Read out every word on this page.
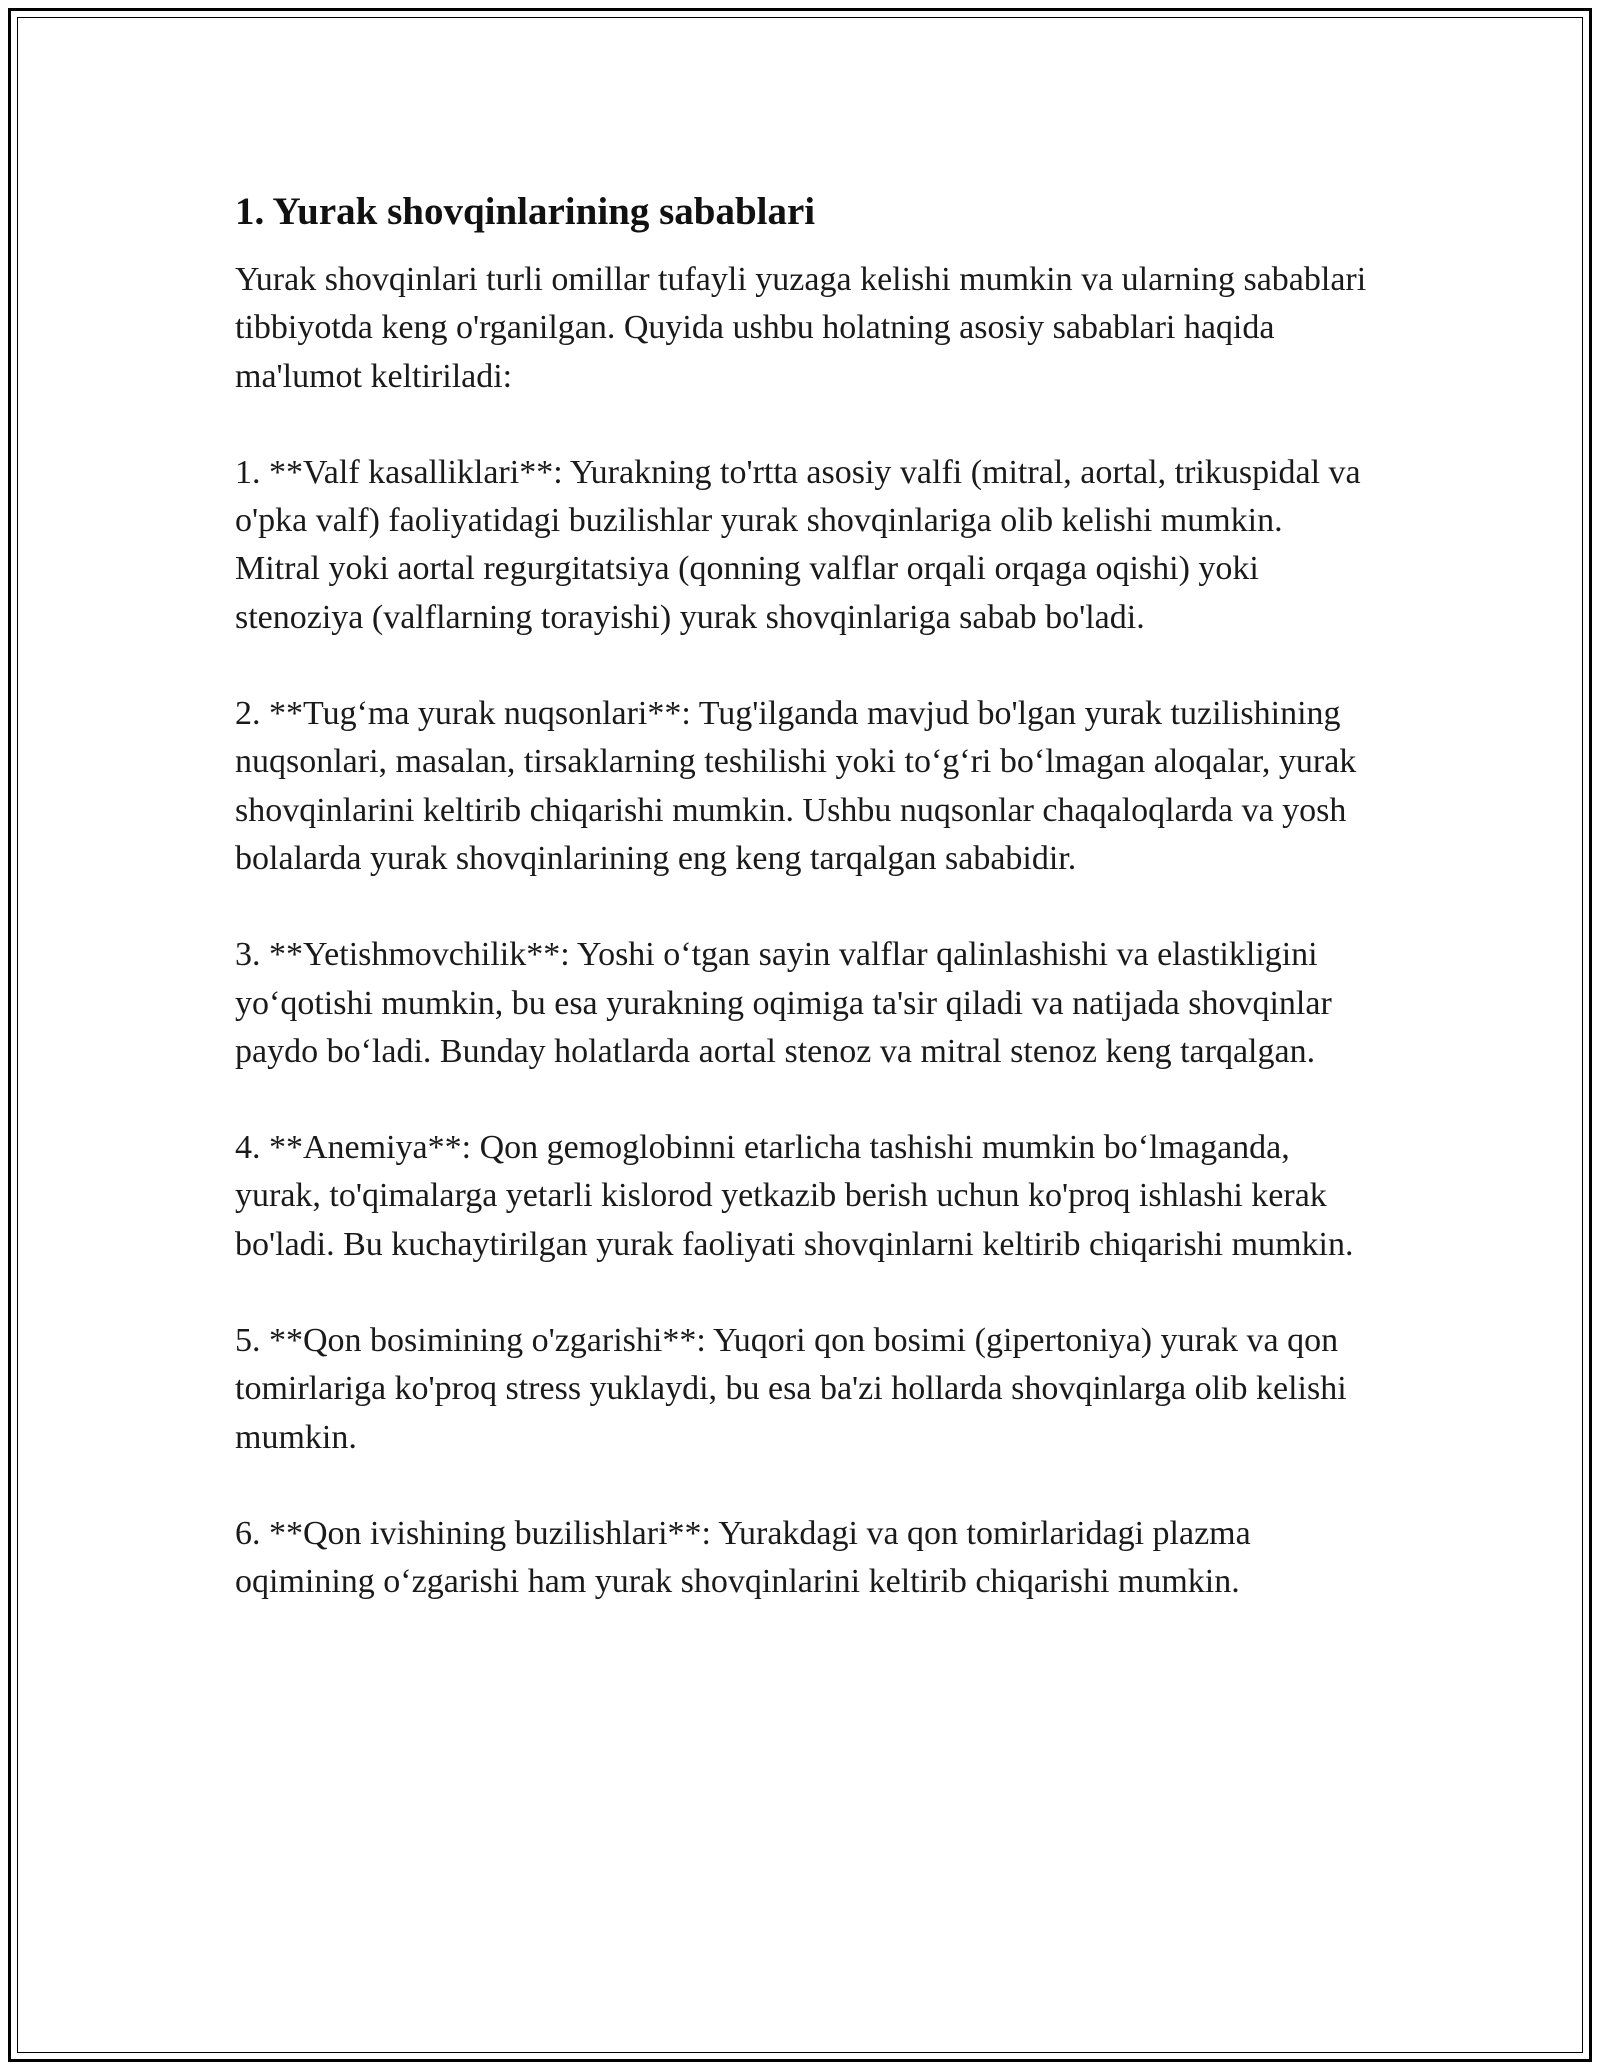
1. Yurak shovqinlarining sabablari

Yurak shovqinlari turli omillar tufayli yuzaga kelishi mumkin va ularning sabablari tibbiyotda keng o'rganilgan. Quyida ushbu holatning asosiy sabablari haqida ma'lumot keltiriladi:

1. **Valf kasalliklari**: Yurakning to'rtta asosiy valfi (mitral, aortal, trikuspidal va o'pka valf) faoliyatidagi buzilishlar yurak shovqinlariga olib kelishi mumkin. Mitral yoki aortal regurgitatsiya (qonning valflar orqali orqaga oqishi) yoki stenoziya (valflarning torayishi) yurak shovqinlariga sabab bo'ladi.

2. **Tug‘ma yurak nuqsonlari**: Tug'ilganda mavjud bo'lgan yurak tuzilishining nuqsonlari, masalan, tirsaklarning teshilishi yoki to‘g‘ri bo‘lmagan aloqalar, yurak shovqinlarini keltirib chiqarishi mumkin. Ushbu nuqsonlar chaqaloqlarda va yosh bolalarda yurak shovqinlarining eng keng tarqalgan sababidir.

3. **Yetishmovchilik**: Yoshi o‘tgan sayin valflar qalinlashishi va elastikligini yo‘qotishi mumkin, bu esa yurakning oqimiga ta'sir qiladi va natijada shovqinlar paydo bo‘ladi. Bunday holatlarda aortal stenoz va mitral stenoz keng tarqalgan.

4. **Anemiya**: Qon gemoglobinni etarlicha tashishi mumkin bo‘lmaganda, yurak, to'qimalarga yetarli kislorod yetkazib berish uchun ko'proq ishlashi kerak bo'ladi. Bu kuchaytirilgan yurak faoliyati shovqinlarni keltirib chiqarishi mumkin.

5. **Qon bosimining o'zgarishi**: Yuqori qon bosimi (gipertoniya) yurak va qon tomirlariga ko'proq stress yuklaydi, bu esa ba'zi hollarda shovqinlarga olib kelishi mumkin.

6. **Qon ivishining buzilishlari**: Yurakdagi va qon tomirlaridagi plazma oqimining o‘zgarishi ham yurak shovqinlarini keltirib chiqarishi mumkin.
